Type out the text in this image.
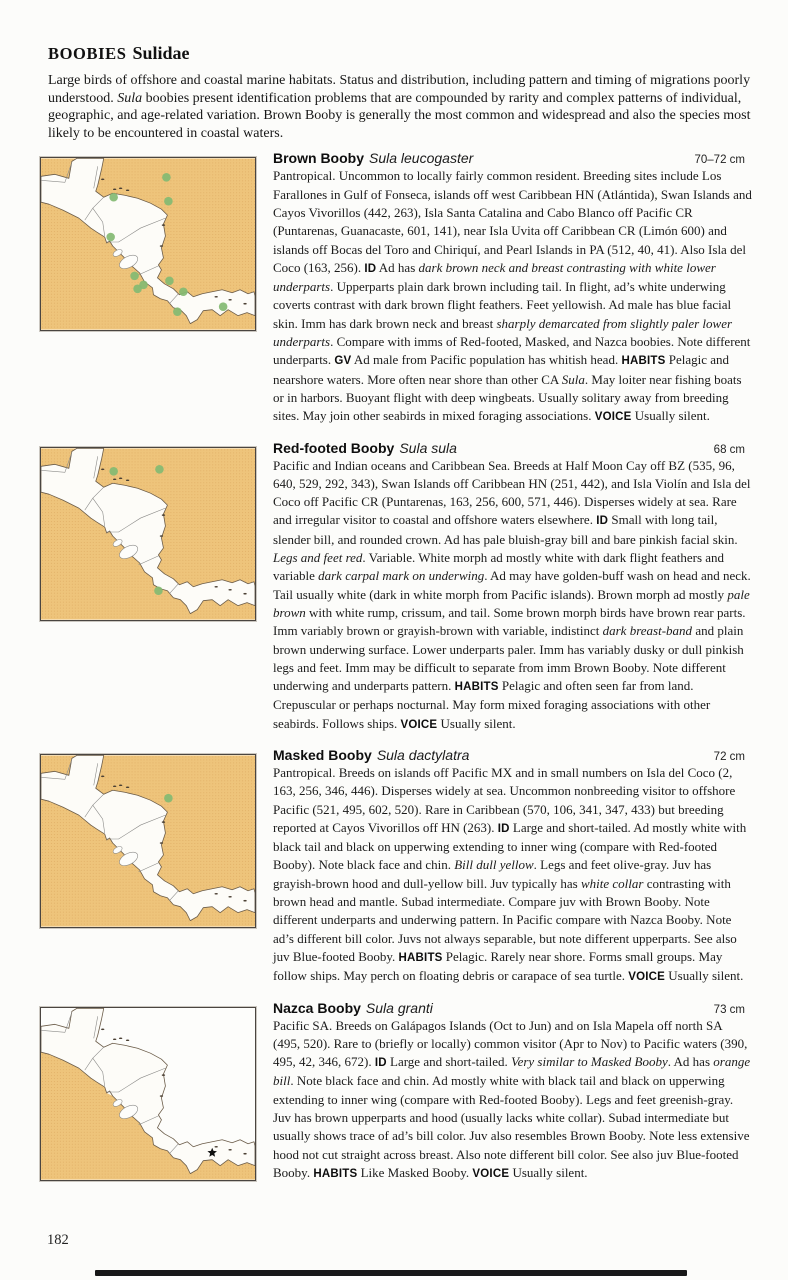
BOOBIES Sulidae
Large birds of offshore and coastal marine habitats. Status and distribution, including pattern and timing of migrations poorly understood. Sula boobies present identification problems that are compounded by rarity and complex patterns of individual, geographic, and age-related variation. Brown Booby is generally the most common and widespread and also the species most likely to be encountered in coastal waters.
Brown Booby Sula leucogaster	70–72 cm
Pantropical. Uncommon to locally fairly common resident. Breeding sites include Los Farallones in Gulf of Fonseca, islands off west Caribbean HN (Atlántida), Swan Islands and Cayos Vivorillos (442, 263), Isla Santa Catalina and Cabo Blanco off Pacific CR (Puntarenas, Guanacaste, 601, 141), near Isla Uvita off Caribbean CR (Limón 600) and islands off Bocas del Toro and Chiriquí, and Pearl Islands in PA (512, 40, 41). Also Isla del Coco (163, 256). ID Ad has dark brown neck and breast contrasting with white lower underparts. Upperparts plain dark brown including tail. In flight, ad’s white underwing coverts contrast with dark brown flight feathers. Feet yellowish. Ad male has blue facial skin. Imm has dark brown neck and breast sharply demarcated from slightly paler lower underparts. Compare with imms of Red-footed, Masked, and Nazca boobies. Note different underparts. GV Ad male from Pacific population has whitish head. HABITS Pelagic and nearshore waters. More often near shore than other CA Sula. May loiter near fishing boats or in harbors. Buoyant flight with deep wingbeats. Usually solitary away from breeding sites. May join other seabirds in mixed foraging associations. VOICE Usually silent.
Red-footed Booby Sula sula	68 cm
Pacific and Indian oceans and Caribbean Sea. Breeds at Half Moon Cay off BZ (535, 96, 640, 529, 292, 343), Swan Islands off Caribbean HN (251, 442), and Isla Violín and Isla del Coco off Pacific CR (Puntarenas, 163, 256, 600, 571, 446). Disperses widely at sea. Rare and irregular visitor to coastal and offshore waters elsewhere. ID Small with long tail, slender bill, and rounded crown. Ad has pale bluish-gray bill and bare pinkish facial skin. Legs and feet red. Variable. White morph ad mostly white with dark flight feathers and variable dark carpal mark on underwing. Ad may have golden-buff wash on head and neck. Tail usually white (dark in white morph from Pacific islands). Brown morph ad mostly pale brown with white rump, crissum, and tail. Some brown morph birds have brown rear parts. Imm variably brown or grayish-brown with variable, indistinct dark breast-band and plain brown underwing surface. Lower underparts paler. Imm has variably dusky or dull pinkish legs and feet. Imm may be difficult to separate from imm Brown Booby. Note different underwing and underparts pattern. HABITS Pelagic and often seen far from land. Crepuscular or perhaps nocturnal. May form mixed foraging associations with other seabirds. Follows ships. VOICE Usually silent.
Masked Booby Sula dactylatra	72 cm
Pantropical. Breeds on islands off Pacific MX and in small numbers on Isla del Coco (2, 163, 256, 346, 446). Disperses widely at sea. Uncommon nonbreeding visitor to offshore Pacific (521, 495, 602, 520). Rare in Caribbean (570, 106, 341, 347, 433) but breeding reported at Cayos Vivorillos off HN (263). ID Large and short-tailed. Ad mostly white with black tail and black on upperwing extending to inner wing (compare with Red-footed Booby). Note black face and chin. Bill dull yellow. Legs and feet olive-gray. Juv has grayish-brown hood and dull-yellow bill. Juv typically has white collar contrasting with brown head and mantle. Subad intermediate. Compare juv with Brown Booby. Note different underparts and underwing pattern. In Pacific compare with Nazca Booby. Note ad’s different bill color. Juvs not always separable, but note different upperparts. See also juv Blue-footed Booby. HABITS Pelagic. Rarely near shore. Forms small groups. May follow ships. May perch on floating debris or carapace of sea turtle. VOICE Usually silent.
Nazca Booby Sula granti	73 cm
Pacific SA. Breeds on Galápagos Islands (Oct to Jun) and on Isla Mapela off north SA (495, 520). Rare to (briefly or locally) common visitor (Apr to Nov) to Pacific waters (390, 495, 42, 346, 672). ID Large and short-tailed. Very similar to Masked Booby. Ad has orange bill. Note black face and chin. Ad mostly white with black tail and black on upperwing extending to inner wing (compare with Red-footed Booby). Legs and feet greenish-gray. Juv has brown upperparts and hood (usually lacks white collar). Subad intermediate but usually shows trace of ad’s bill color. Juv also resembles Brown Booby. Note less extensive hood not cut straight across breast. Also note different bill color. See also juv Blue-footed Booby. HABITS Like Masked Booby. VOICE Usually silent.
182
